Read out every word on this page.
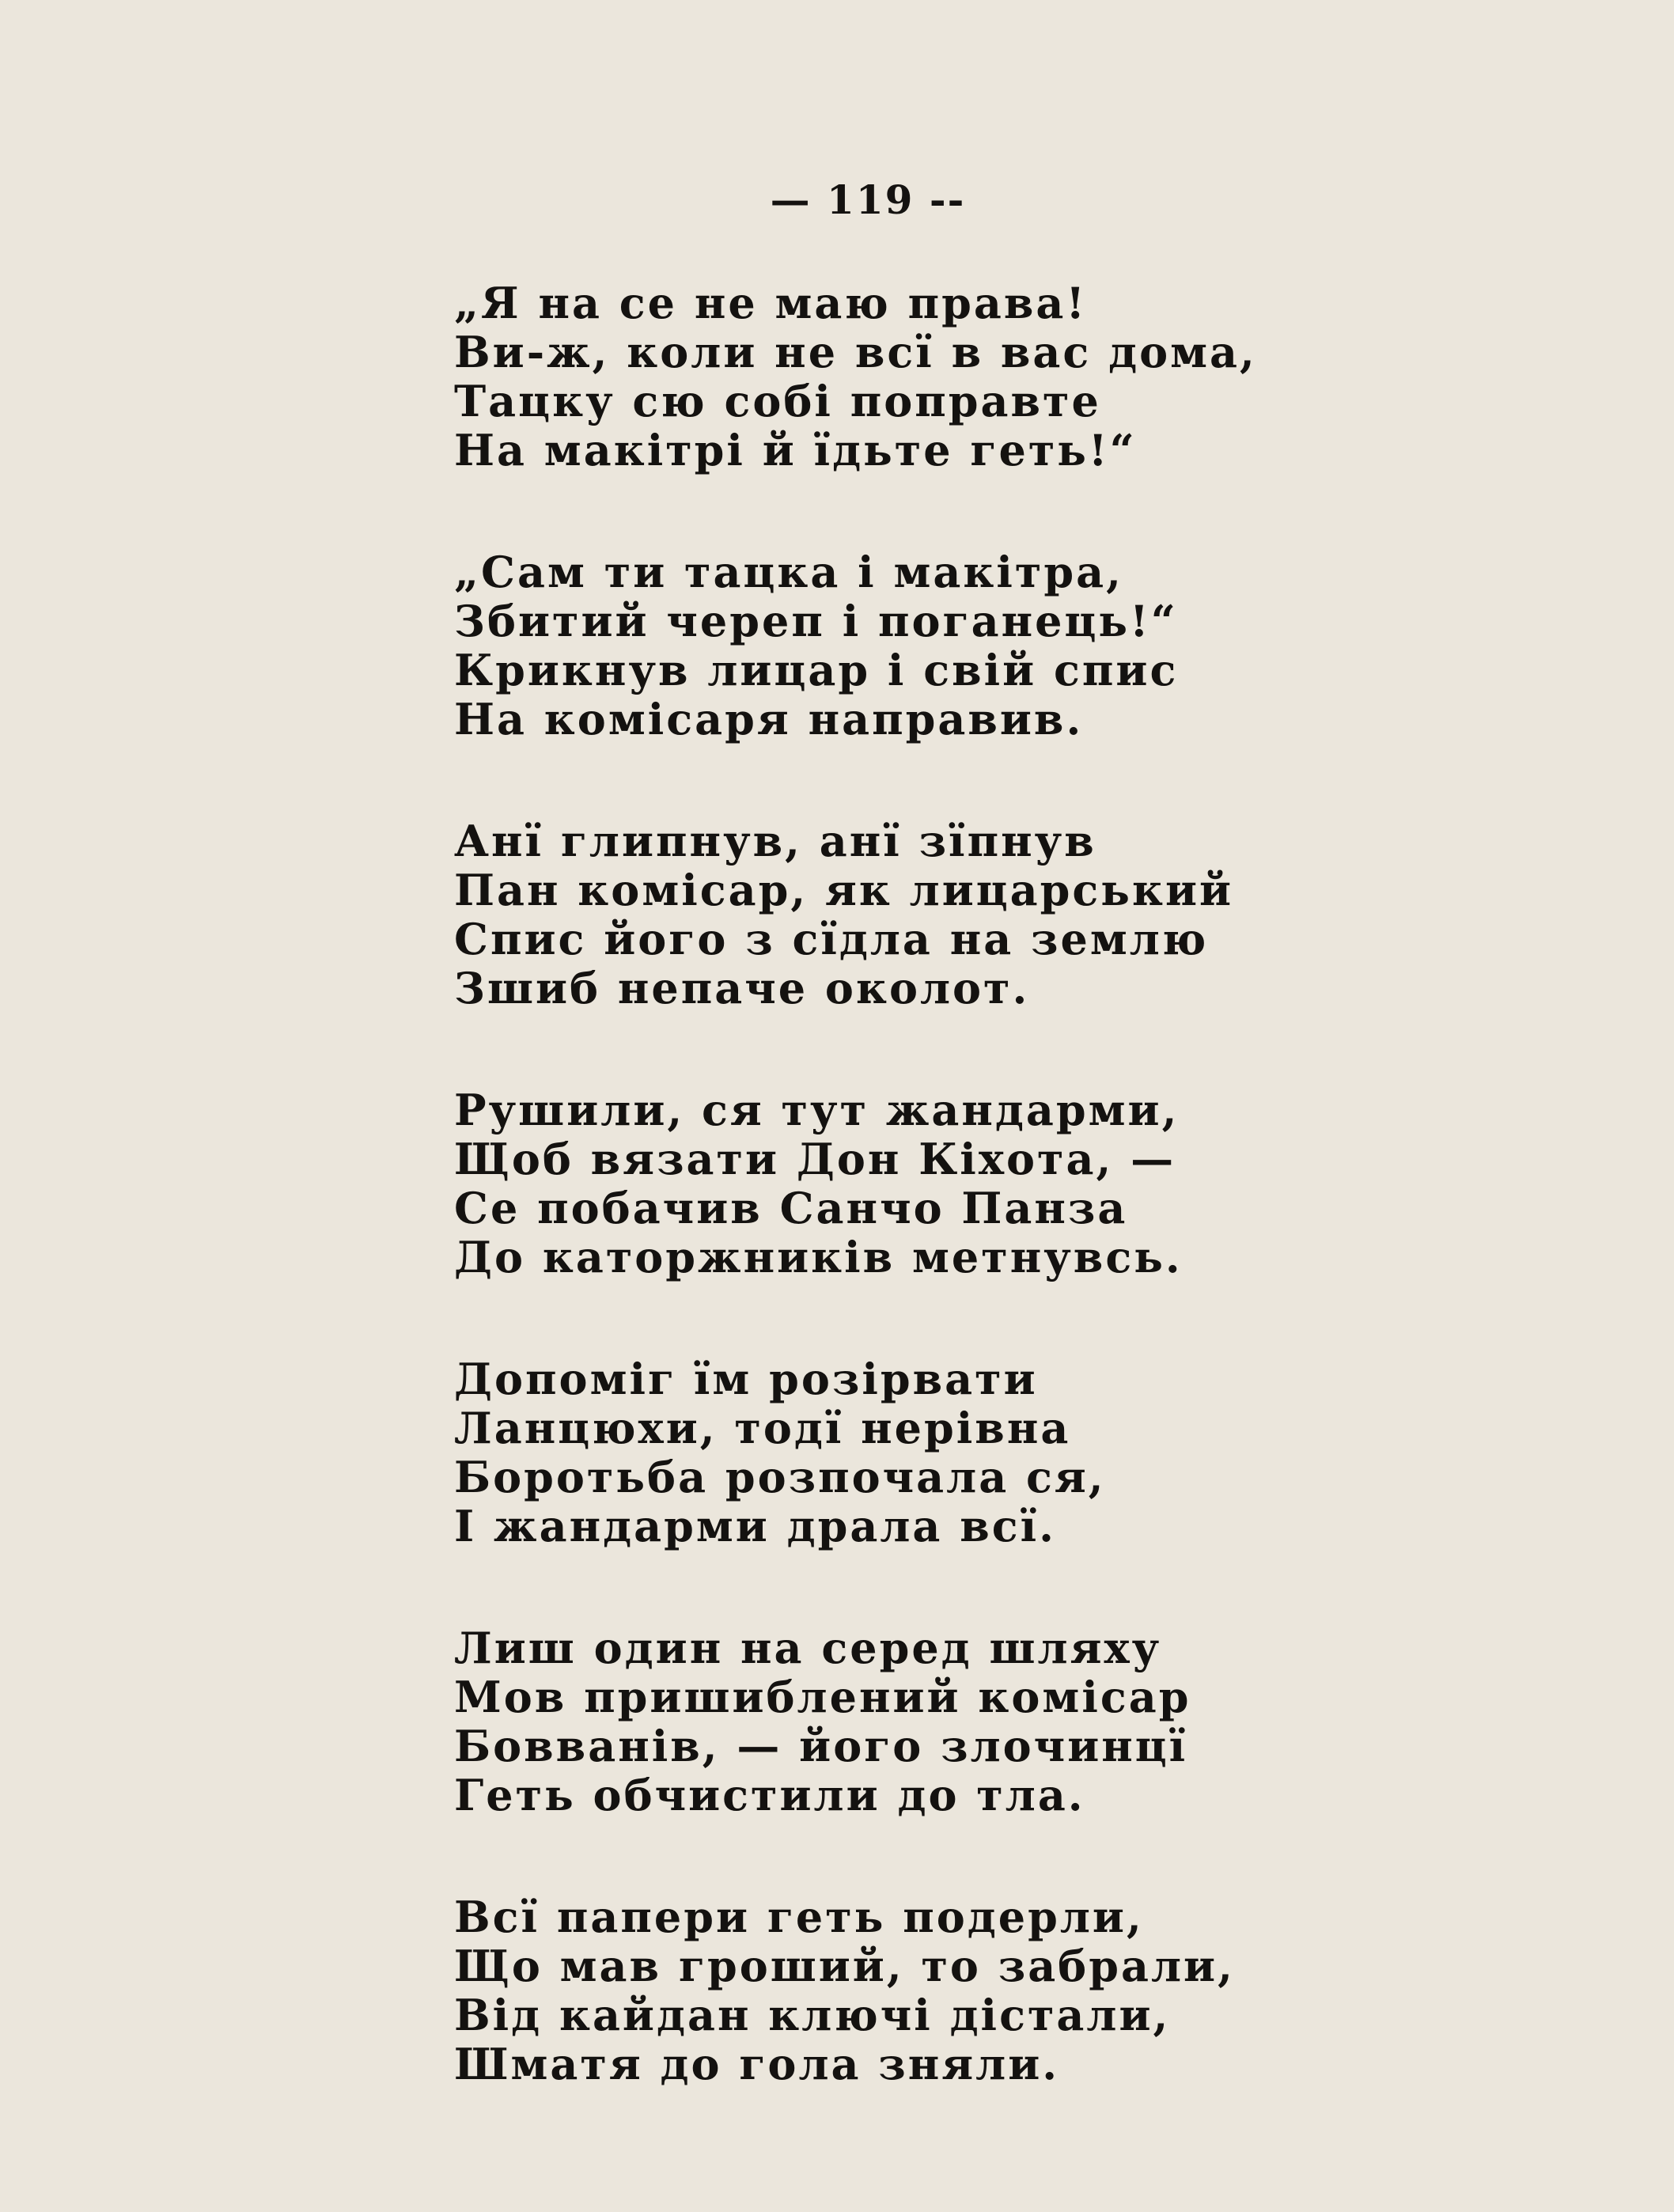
— 119 --
„Я на се не маю права!
Ви-ж, коли не всї в вас дома,
Тацку сю собі поправте
На макітрі й їдьте геть!“
„Сам ти тацка і макітра,
Збитий череп і поганець!“
Крикнув лицар і свій спис
На комісаря направив.
Анї глипнув, анї зїпнув
Пан комісар, як лицарський
Спис його з сїдла на землю
Зшиб непаче околот.
Рушили, ся тут жандарми,
Щоб вязати Дон Кіхота, —
Се побачив Санчо Панза
До каторжників метнувсь.
Допоміг їм розірвати
Ланцюхи, тодї нерівна
Боротьба розпочала ся,
І жандарми драла всї.
Лиш один на серед шляху
Мов пришиблений комісар
Бовванів, — його злочинцї
Геть обчистили до тла.
Всї папери геть подерли,
Що мав гроший, то забрали,
Від кайдан ключі дістали,
Шматя до гола зняли.
